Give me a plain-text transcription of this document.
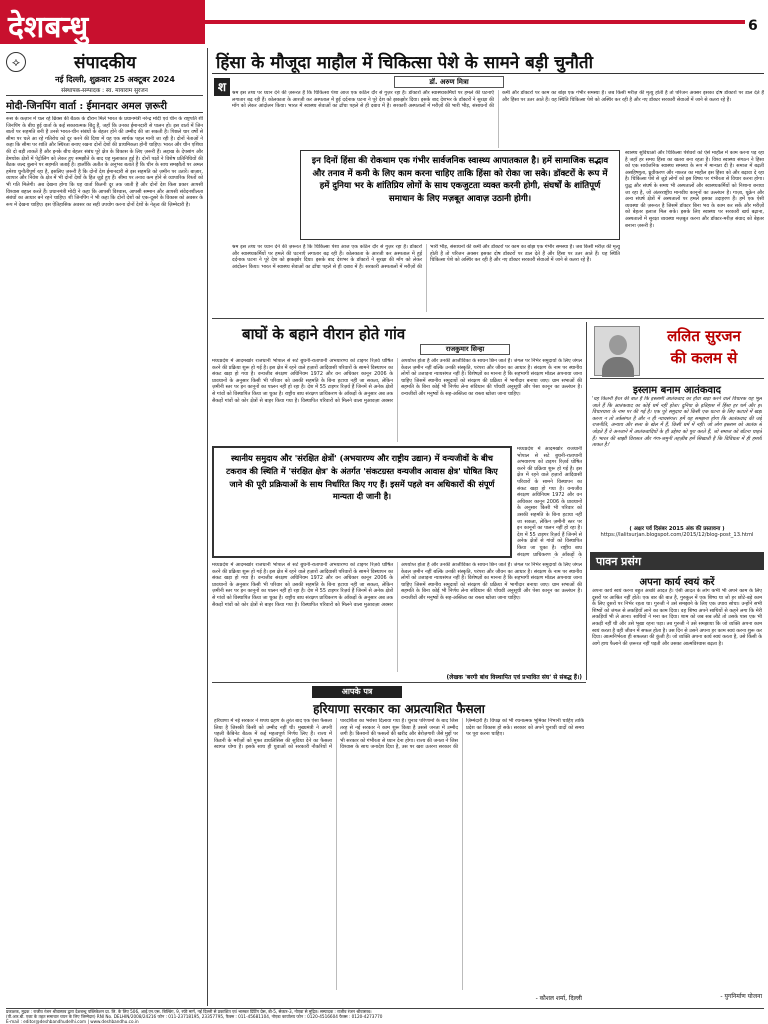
देशबन्धु	6
⟡	संपादकीय
नई दिल्ली, शुक्रवार 25 अक्टूबर 2024
संस्थापक-सम्पादक : स्व. मायाराम सुरजन
मोदी-जिनपिंग वार्ता : ईमानदार अमल ज़रूरी
रूस के कज़ान में चल रहे ब्रिक्स की बैठक के दौरान मिले भारत के प्रधानमंत्री नरेन्द्र मोदी एवं चीन के राष्ट्रपति शी जिनपिंग के बीच हुई वार्ता के कई सकारात्मक बिंदु हैं, जहाँ कि उनका ईमानदारी से पालन हो। इस वार्ता में जिन बातों पर सहमति बनी है उनसे भारत-चीन संबंधों के बेहतर होने की उम्मीद की जा सकती है। पिछले चार वर्षों से सीमा पर चले आ रहे गतिरोध को दूर करने की दिशा में यह एक सार्थक पहल मानी जा रही है। दोनों नेताओं ने कहा कि सीमा पर शांति और स्थिरता बनाए रखना दोनों देशों की प्राथमिकता होनी चाहिए। भारत और चीन एशिया की दो बड़ी ताकतें हैं और इनके बीच बेहतर संबंध पूरे क्षेत्र के विकास के लिए ज़रूरी हैं। लद्दाख के देपसांग और डेमचोक क्षेत्रों में पेट्रोलिंग को लेकर हुए समझौते के बाद यह मुलाकात हुई है। दोनों पक्षों ने विशेष प्रतिनिधियों की बैठक जल्द बुलाने पर सहमति जताई है। हालाँकि अतीत के अनुभव बताते हैं कि चीन के साथ समझौतों पर अमल हमेशा चुनौतीपूर्ण रहा है, इसलिए ज़रूरी है कि दोनों देश ईमानदारी से इस सहमति को ज़मीन पर उतारें। बाज़ार, व्यापार और निवेश के क्षेत्र में भी दोनों देशों के हित जुड़े हुए हैं। सीमा पर तनाव कम होने से व्यापारिक रिश्तों को भी गति मिलेगी। अब देखना होगा कि यह वार्ता कितनी दूर तक जाती है और दोनों देश किस प्रकार आपसी विश्वास बहाल करते हैं। प्रधानमंत्री मोदी ने कहा कि आपसी विश्वास, आपसी सम्मान और आपसी संवेदनशीलता संबंधों का आधार बने रहने चाहिए। शी जिनपिंग ने भी कहा कि दोनों देशों को एक-दूसरे के विकास को अवसर के रूप में देखना चाहिए। इस ऐतिहासिक अवसर का सही उपयोग करना दोनों देशों के नेतृत्व की ज़िम्मेदारी है।
हिंसा के मौजूदा माहौल में चिकित्सा पेशे के सामने बड़ी चुनौती
श	डॉ. अरुण मित्रा
श्रम इस तथ्य पर ध्यान देने की ज़रूरत है कि चिकित्सा पेशा आज एक कठिन दौर से गुज़र रहा है। डॉक्टरों और स्वास्थ्यकर्मियों पर हमले की घटनाएँ लगातार बढ़ रही हैं। कोलकाता के आरजी कर अस्पताल में हुई दर्दनाक घटना ने पूरे देश को झकझोर दिया। इसके बाद देशभर के डॉक्टरों ने सुरक्षा की माँग को लेकर आंदोलन किया। भारत में स्वास्थ्य सेवाओं का ढाँचा पहले से ही दबाव में है। सरकारी अस्पतालों में मरीज़ों की भारी भीड़, संसाधनों की कमी और डॉक्टरों पर काम का बोझ एक गंभीर समस्या है। जब किसी मरीज़ की मृत्यु होती है तो परिजन अक्सर इसका दोष डॉक्टरों पर डाल देते हैं और हिंसा पर उतर आते हैं। यह स्थिति चिकित्सा पेशे को अस्थिर कर रही है और नए डॉक्टर सरकारी सेवाओं में जाने से कतरा रहे हैं।
इन दिनों हिंसा की रोकथाम एक गंभीर सार्वजनिक स्वास्थ्य आपातकाल है। हमें सामाजिक सद्भाव और तनाव में कमी के लिए काम करना चाहिए ताकि हिंसा को रोका जा सके। डॉक्टरों के रूप में हमें दुनिया भर के शांतिप्रिय लोगों के साथ एकजुटता व्यक्त करनी होगी, संघर्षों के शांतिपूर्ण समाधान के लिए मज़बूत आवाज़ उठानी होगी।
स्वास्थ्य सुविधाओं और चिकित्सा पेशेवरों को ऐसे माहौल में काम करना पड़ रहा है जहाँ हर समय हिंसा का खतरा बना रहता है। विश्व स्वास्थ्य संगठन ने हिंसा को एक सार्वजनिक स्वास्थ्य समस्या के रूप में मान्यता दी है। समाज में बढ़ती असहिष्णुता, ध्रुवीकरण और नफ़रत का माहौल इस हिंसा को और बढ़ावा दे रहा है। चिकित्सा पेशे से जुड़े लोगों को इस विषय पर गंभीरता से विचार करना होगा। युद्ध और संघर्ष के समय भी अस्पतालों और स्वास्थ्यकर्मियों को निशाना बनाया जा रहा है, जो अंतरराष्ट्रीय मानवीय कानूनों का उल्लंघन है। गाज़ा, यूक्रेन और अन्य संघर्ष क्षेत्रों में अस्पतालों पर हमले इसका उदाहरण हैं। हमें एक ऐसी व्यवस्था की ज़रूरत है जिसमें डॉक्टर बिना भय के काम कर सकें और मरीज़ों को बेहतर इलाज मिल सके। इसके लिए स्वास्थ्य पर सरकारी खर्च बढ़ाना, अस्पतालों में सुरक्षा व्यवस्था मज़बूत करना और डॉक्टर-मरीज़ संवाद को बेहतर बनाना ज़रूरी है।
श्रम इस तथ्य पर ध्यान देने की ज़रूरत है कि चिकित्सा पेशा आज एक कठिन दौर से गुज़र रहा है। डॉक्टरों और स्वास्थ्यकर्मियों पर हमले की घटनाएँ लगातार बढ़ रही हैं। कोलकाता के आरजी कर अस्पताल में हुई दर्दनाक घटना ने पूरे देश को झकझोर दिया। इसके बाद देशभर के डॉक्टरों ने सुरक्षा की माँग को लेकर आंदोलन किया। भारत में स्वास्थ्य सेवाओं का ढाँचा पहले से ही दबाव में है। सरकारी अस्पतालों में मरीज़ों की भारी भीड़, संसाधनों की कमी और डॉक्टरों पर काम का बोझ एक गंभीर समस्या है। जब किसी मरीज़ की मृत्यु होती है तो परिजन अक्सर इसका दोष डॉक्टरों पर डाल देते हैं और हिंसा पर उतर आते हैं। यह स्थिति चिकित्सा पेशे को अस्थिर कर रही है और नए डॉक्टर सरकारी सेवाओं में जाने से कतरा रहे हैं।
बाघों के बहाने वीरान होते गांव
राजकुमार सिन्हा
मध्यप्रदेश में आदमखोर राजधानी भोपाल से सटे बुधनी-रातापानी अभयारण्य को टाइगर रिज़र्व घोषित करने की प्रक्रिया शुरू हो गई है। इस क्षेत्र में रहने वाले हज़ारों आदिवासी परिवारों के सामने विस्थापन का संकट खड़ा हो गया है। वन्यजीव संरक्षण अधिनियम 1972 और वन अधिकार कानून 2006 के प्रावधानों के अनुसार किसी भी परिवार को उसकी सहमति के बिना हटाया नहीं जा सकता, लेकिन ज़मीनी स्तर पर इन कानूनों का पालन नहीं हो रहा है। देश में 55 टाइगर रिज़र्व हैं जिनमें से अनेक क्षेत्रों से गांवों को विस्थापित किया जा चुका है। राष्ट्रीय बाघ संरक्षण प्राधिकरण के आँकड़ों के अनुसार अब तक सैकड़ों गांवों को कोर क्षेत्रों से बाहर किया गया है। विस्थापित परिवारों को मिलने वाला मुआवज़ा अक्सर अपर्याप्त होता है और उनकी आजीविका के साधन छिन जाते हैं। जंगल पर निर्भर समुदायों के लिए जंगल केवल ज़मीन नहीं बल्कि उनकी संस्कृति, परंपरा और जीवन का आधार है। संरक्षण के नाम पर स्थानीय लोगों को उजाड़ना न्यायसंगत नहीं है। विशेषज्ञों का मानना है कि सहभागी संरक्षण मॉडल अपनाया जाना चाहिए जिसमें स्थानीय समुदायों को संरक्षण की प्रक्रिया में भागीदार बनाया जाए। ग्राम सभाओं की सहमति के बिना कोई भी निर्णय लेना संविधान की पाँचवीं अनुसूची और पेसा कानून का उल्लंघन है। वन्यजीवों और मनुष्यों के सह-अस्तित्व का रास्ता खोजा जाना चाहिए।
स्थानीय समुदाय और 'संरक्षित क्षेत्रों' (अभयारण्य और राष्ट्रीय उद्यान) में वन्यजीवों के बीच टकराव की स्थिति में 'संरक्षित क्षेत्र' के अंतर्गत 'संकटग्रस्त वन्यजीव आवास क्षेत्र' घोषित किए जाने की पूरी प्रक्रियाओं के साथ निर्धारित किए गए हैं। इसमें पहले वन अधिकारों की संपूर्ण मान्यता दी जानी है।
मध्यप्रदेश में आदमखोर राजधानी भोपाल से सटे बुधनी-रातापानी अभयारण्य को टाइगर रिज़र्व घोषित करने की प्रक्रिया शुरू हो गई है। इस क्षेत्र में रहने वाले हज़ारों आदिवासी परिवारों के सामने विस्थापन का संकट खड़ा हो गया है। वन्यजीव संरक्षण अधिनियम 1972 और वन अधिकार कानून 2006 के प्रावधानों के अनुसार किसी भी परिवार को उसकी सहमति के बिना हटाया नहीं जा सकता, लेकिन ज़मीनी स्तर पर इन कानूनों का पालन नहीं हो रहा है। देश में 55 टाइगर रिज़र्व हैं जिनमें से अनेक क्षेत्रों से गांवों को विस्थापित किया जा चुका है। राष्ट्रीय बाघ संरक्षण प्राधिकरण के आँकड़ों के
मध्यप्रदेश में आदमखोर राजधानी भोपाल से सटे बुधनी-रातापानी अभयारण्य को टाइगर रिज़र्व घोषित करने की प्रक्रिया शुरू हो गई है। इस क्षेत्र में रहने वाले हज़ारों आदिवासी परिवारों के सामने विस्थापन का संकट खड़ा हो गया है। वन्यजीव संरक्षण अधिनियम 1972 और वन अधिकार कानून 2006 के प्रावधानों के अनुसार किसी भी परिवार को उसकी सहमति के बिना हटाया नहीं जा सकता, लेकिन ज़मीनी स्तर पर इन कानूनों का पालन नहीं हो रहा है। देश में 55 टाइगर रिज़र्व हैं जिनमें से अनेक क्षेत्रों से गांवों को विस्थापित किया जा चुका है। राष्ट्रीय बाघ संरक्षण प्राधिकरण के आँकड़ों के अनुसार अब तक सैकड़ों गांवों को कोर क्षेत्रों से बाहर किया गया है। विस्थापित परिवारों को मिलने वाला मुआवज़ा अक्सर अपर्याप्त होता है और उनकी आजीविका के साधन छिन जाते हैं। जंगल पर निर्भर समुदायों के लिए जंगल केवल ज़मीन नहीं बल्कि उनकी संस्कृति, परंपरा और जीवन का आधार है। संरक्षण के नाम पर स्थानीय लोगों को उजाड़ना न्यायसंगत नहीं है। विशेषज्ञों का मानना है कि सहभागी संरक्षण मॉडल अपनाया जाना चाहिए जिसमें स्थानीय समुदायों को संरक्षण की प्रक्रिया में भागीदार बनाया जाए। ग्राम सभाओं की सहमति के बिना कोई भी निर्णय लेना संविधान की पाँचवीं अनुसूची और पेसा कानून का उल्लंघन है। वन्यजीवों और मनुष्यों के सह-अस्तित्व का रास्ता खोजा जाना चाहिए।
(लेखक 'बरगी बांध विस्थापित एवं प्रभावित संघ' से संबद्ध हैं।)
ललित सुरजन
की कलम से
इस्लाम बनाम आतंकवाद
'यह कितनी हैरत की बात है कि इस्लामी आतंकवाद का हौवा खड़ा करने वाले विचारक यह भूल जाते हैं कि आतंकवाद का कोई धर्म नहीं होता। दुनिया के इतिहास में हिंसा हर धर्म और हर विचारधारा के नाम पर की गई है। एक पूरे समुदाय को किसी एक घटना के लिए कटघरे में खड़ा करना न तो तर्कसंगत है और न ही न्यायसंगत। हमें यह समझना होगा कि आतंकवाद की जड़ें राजनीति, अन्याय और सत्ता के खेल में हैं, किसी धर्म में नहीं। जो लोग इस्लाम को आतंक से जोड़ते हैं वे अनजाने में आतंकवादियों के ही उद्देश्य को पूरा करते हैं, जो समाज को बाँटना चाहते हैं। भारत की साझी विरासत और गंगा-जमुनी तहज़ीब हमें सिखाती है कि विविधता में ही हमारी ताकत है।'
( अक्षर पर्व दिसंबर 2015 अंक की प्रस्तावना )
https://lalitsurjan.blogspot.com/2015/12/blog-post_13.html
पावन प्रसंग
अपना कार्य स्वयं करें
अपना कार्य स्वयं करना बहुत अच्छी आदत है। ऐसी आदत के लोग कभी भी अपने काम के लिए दूसरों पर आश्रित नहीं होते। एक बार की बात है, गुरुकुल में एक शिष्य था जो हर छोटे-बड़े काम के लिए दूसरों पर निर्भर रहता था। गुरुजी ने उसे समझाने के लिए एक उपाय सोचा। उन्होंने सभी शिष्यों को जंगल से लकड़ियाँ लाने का काम दिया। वह शिष्य अपने साथियों से कहने लगा कि मेरी लकड़ियाँ भी ले आना। साथियों ने मना कर दिया। शाम को जब सब लौटे तो उसके पास एक भी लकड़ी नहीं थी और उसे भूखा रहना पड़ा। तब गुरुजी ने उसे समझाया कि जो व्यक्ति अपना काम स्वयं करता है वही जीवन में सफल होता है। उस दिन से उसने अपना हर काम स्वयं करना शुरू कर दिया। आत्मनिर्भरता ही सफलता की कुंजी है। जो व्यक्ति अपना कार्य स्वयं करता है, उसे किसी के आगे हाथ फैलाने की ज़रूरत नहीं पड़ती और उसका आत्मविश्वास बढ़ता है।
- युगनिर्माण योजना
आपके पत्र
हरियाणा सरकार का अप्रत्याशित फैसला
हरियाणा में नई सरकार ने शपथ ग्रहण के तुरंत बाद एक ऐसा फैसला लिया है जिसकी किसी को उम्मीद नहीं थी। मुख्यमंत्री ने अपनी पहली कैबिनेट बैठक में कई महत्वपूर्ण निर्णय लिए हैं। राज्य में किडनी के मरीज़ों को मुफ्त डायलिसिस की सुविधा देने का फैसला स्वागत योग्य है। इसके साथ ही युवाओं को सरकारी नौकरियों में पारदर्शिता का भरोसा दिलाया गया है। चुनाव परिणामों के बाद जिस तरह से नई सरकार ने काम शुरू किया है उससे जनता में उम्मीद जगी है। किसानों की फसलों की खरीद और बेरोज़गारी जैसे मुद्दों पर भी सरकार को गंभीरता से ध्यान देना होगा। राज्य की जनता ने जिस विश्वास के साथ जनादेश दिया है, उस पर खरा उतरना सरकार की ज़िम्मेदारी है। विपक्ष को भी रचनात्मक भूमिका निभानी चाहिए ताकि प्रदेश का विकास हो सके। सरकार को अपने चुनावी वादों को समय पर पूरा करना चाहिए।
- कौशल शर्मा, दिल्ली
प्रकाशक, मुद्रक : राजीव रंजन श्रीवास्तव द्वारा देशबन्धु पब्लिकेशन प्रा. लि. के लिए 506, आई.एन.एस. बिल्डिंग, 9, रफी मार्ग, नई दिल्ली से प्रकाशित एवं भास्कर प्रिंटिंग प्रेस, बी-5, सेक्टर-3, नोएडा से मुद्रित। सम्पादक : राजीव रंजन श्रीवास्तव।
(पी.आर.बी. एक्ट के तहत समाचार चयन के लिए जिम्मेदार) RNI No. DELHIN/2008/24216 फोन : 011-23718195, 23357795, फैक्स : 011-45681104, नोएडा कार्यालय फोन : 0120-4516604 फैक्स : 0120-4273770
E-mail : editor@deshbandhudelhi.com | www.deshbandhu.co.in
